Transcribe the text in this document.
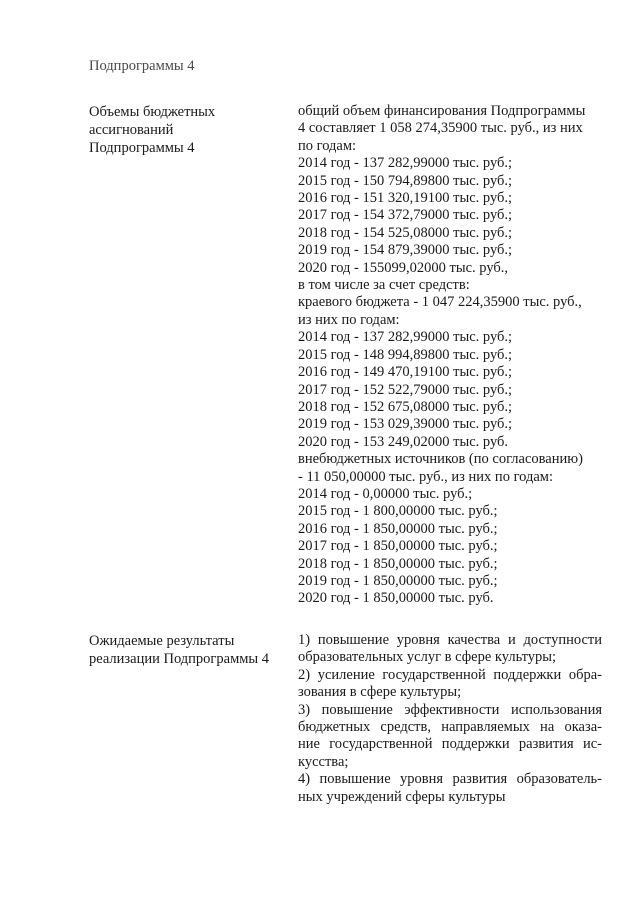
Подпрограммы 4
Объемы бюджетных
ассигнований
Подпрограммы 4
общий объем финансирования Подпрограммы
4 составляет 1 058 274,35900 тыс. руб., из них
по годам:
2014 год - 137 282,99000 тыс. руб.;
2015 год - 150 794,89800 тыс. руб.;
2016 год - 151 320,19100 тыс. руб.;
2017 год - 154 372,79000 тыс. руб.;
2018 год - 154 525,08000 тыс. руб.;
2019 год - 154 879,39000 тыс. руб.;
2020 год - 155099,02000 тыс. руб.,
в том числе за счет средств:
краевого бюджета - 1 047 224,35900 тыс. руб.,
из них по годам:
2014 год - 137 282,99000 тыс. руб.;
2015 год - 148 994,89800 тыс. руб.;
2016 год - 149 470,19100 тыс. руб.;
2017 год - 152 522,79000 тыс. руб.;
2018 год - 152 675,08000 тыс. руб.;
2019 год - 153 029,39000 тыс. руб.;
2020 год - 153 249,02000 тыс. руб.
внебюджетных источников (по согласованию)
- 11 050,00000 тыс. руб., из них по годам:
2014 год - 0,00000 тыс. руб.;
2015 год - 1 800,00000 тыс. руб.;
2016 год - 1 850,00000 тыс. руб.;
2017 год - 1 850,00000 тыс. руб.;
2018 год - 1 850,00000 тыс. руб.;
2019 год - 1 850,00000 тыс. руб.;
2020 год - 1 850,00000 тыс. руб.
Ожидаемые результаты
реализации Подпрограммы 4
1) повышение уровня качества и доступности
образовательных услуг в сфере культуры;
2) усиление государственной поддержки обра-
зования в сфере культуры;
3) повышение эффективности использования
бюджетных средств, направляемых на оказа-
ние государственной поддержки развития ис-
кусства;
4) повышение уровня развития образователь-
ных учреждений сферы культуры
